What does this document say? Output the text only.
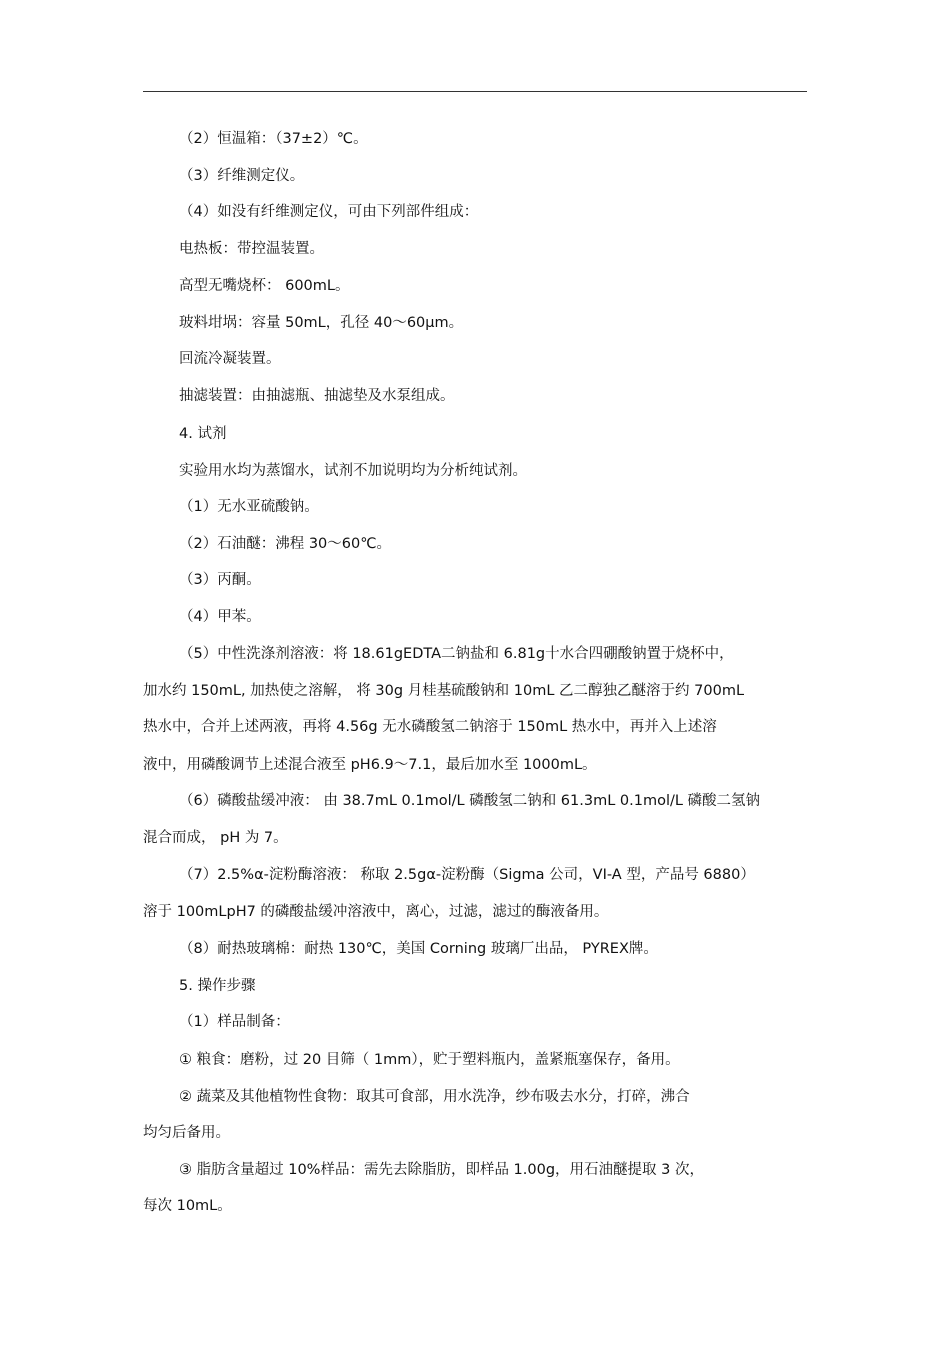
（2）恒温箱：（37±2）℃。

（3）纤维测定仪。

（4）如没有纤维测定仪，可由下列部件组成：

电热板：带控温装置。

高型无嘴烧杯： 600mL。

玻料坩埚：容量 50mL，孔径 40～60μm。

回流冷凝装置。

抽滤装置：由抽滤瓶、抽滤垫及水泵组成。

4. 试剂

实验用水均为蒸馏水，试剂不加说明均为分析纯试剂。

（1）无水亚硫酸钠。

（2）石油醚：沸程 30～60℃。

（3）丙酮。

（4）甲苯。

（5）中性洗涤剂溶液：将 18.61gEDTA二钠盐和 6.81g十水合四硼酸钠置于烧杯中，

加水约 150mL, 加热使之溶解， 将 30g 月桂基硫酸钠和 10mL 乙二醇独乙醚溶于约 700mL

热水中，合并上述两液，再将 4.56g 无水磷酸氢二钠溶于 150mL 热水中，再并入上述溶

液中，用磷酸调节上述混合液至 pH6.9～7.1，最后加水至 1000mL。

（6）磷酸盐缓冲液： 由 38.7mL 0.1mol/L 磷酸氢二钠和 61.3mL 0.1mol/L 磷酸二氢钠

混合而成， pH 为 7。

（7）2.5%α-淀粉酶溶液： 称取 2.5gα-淀粉酶（Sigma 公司，VI-A 型，产品号 6880）

溶于 100mLpH7 的磷酸盐缓冲溶液中，离心，过滤，滤过的酶液备用。

（8）耐热玻璃棉：耐热 130℃，美国 Corning 玻璃厂出品， PYREX牌。

5. 操作步骤

（1）样品制备：

① 粮食：磨粉，过 20 目筛（ 1mm），贮于塑料瓶内，盖紧瓶塞保存，备用。

② 蔬菜及其他植物性食物：取其可食部，用水洗净，纱布吸去水分，打碎，沸合

均匀后备用。

③ 脂肪含量超过 10%样品：需先去除脂肪，即样品 1.00g，用石油醚提取 3 次，

每次 10mL。
